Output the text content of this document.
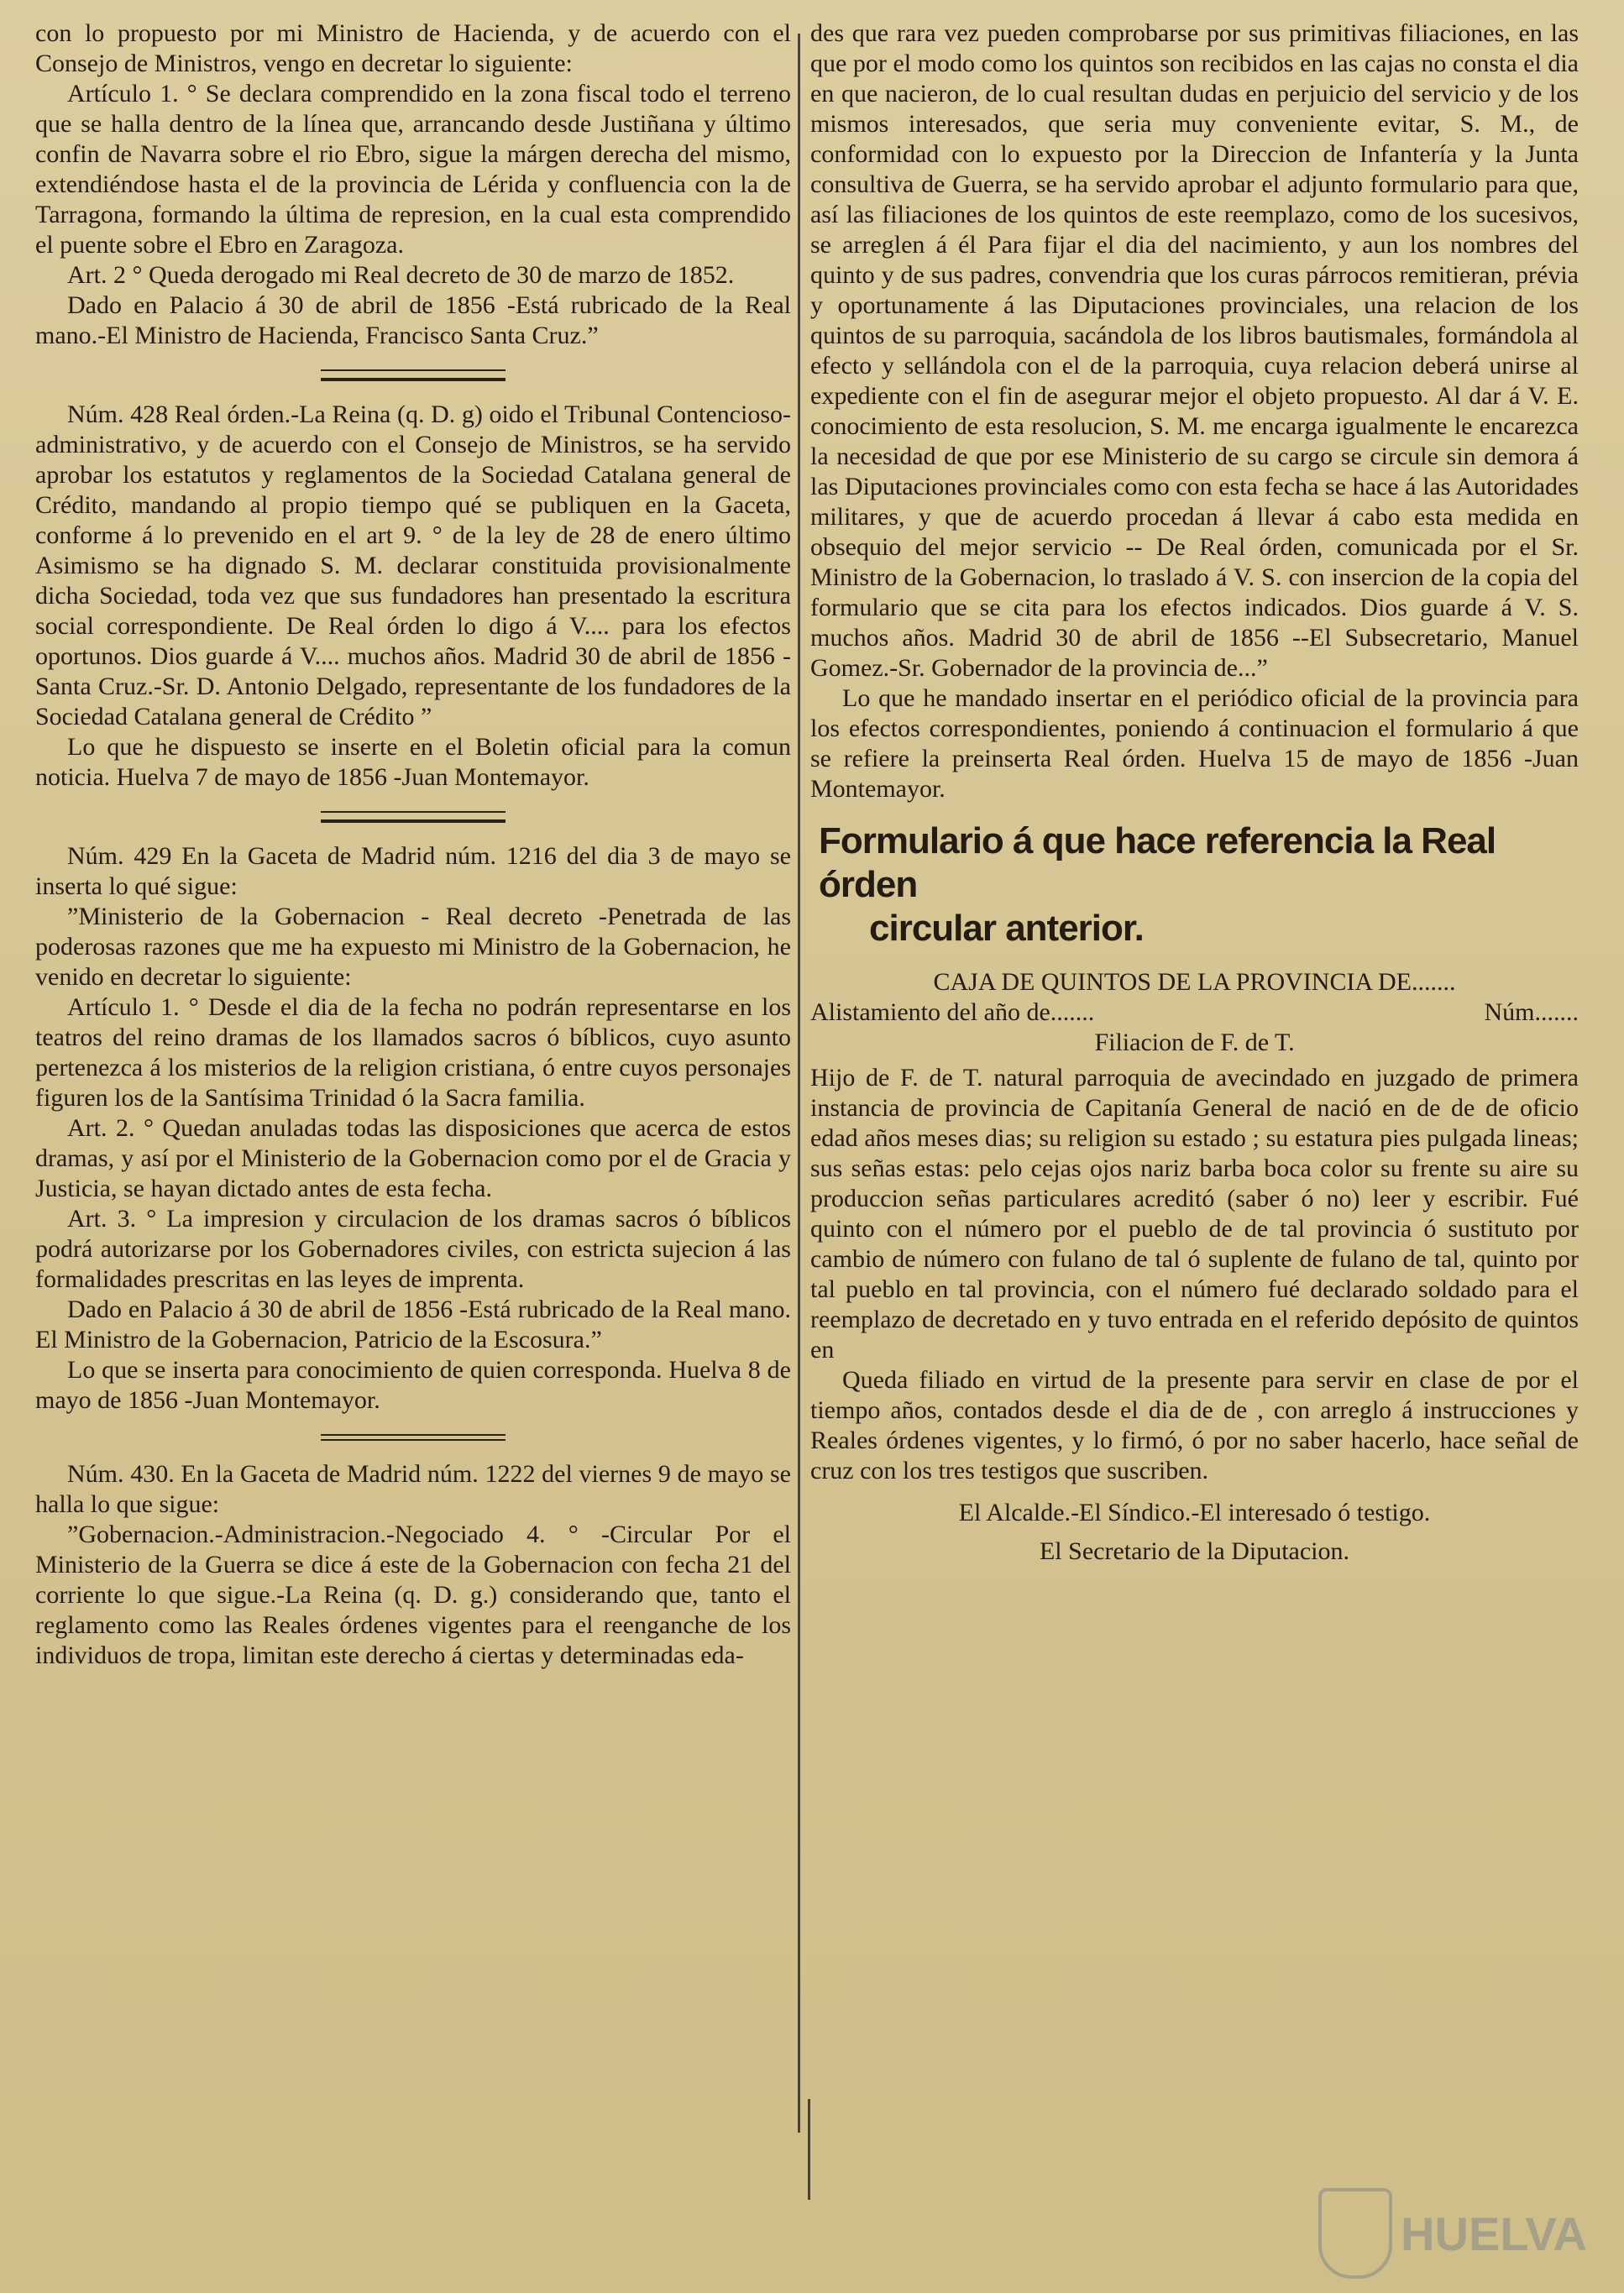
con lo propuesto por mi Ministro de Hacienda, y de acuerdo con el Consejo de Ministros, vengo en decretar lo siguiente:

Artículo 1. ° Se declara comprendido en la zona fiscal todo el terreno que se halla dentro de la línea que, arrancando desde Justiñana y último confin de Navarra sobre el rio Ebro, sigue la márgen derecha del mismo, extendiéndose hasta el de la provincia de Lérida y confluencia con la de Tarragona, formando la última de represion, en la cual esta comprendido el puente sobre el Ebro en Zaragoza.

Art. 2 ° Queda derogado mi Real decreto de 30 de marzo de 1852.

Dado en Palacio á 30 de abril de 1856 -Está rubricado de la Real mano.-El Ministro de Hacienda, Francisco Santa Cruz.”

Núm. 428 Real órden.-La Reina (q. D. g) oido el Tribunal Contencioso-administrativo, y de acuerdo con el Consejo de Ministros, se ha servido aprobar los estatutos y reglamentos de la Sociedad Catalana general de Crédito, mandando al propio tiempo qué se publiquen en la Gaceta, conforme á lo prevenido en el art 9. ° de la ley de 28 de enero último Asimismo se ha dignado S. M. declarar constituida provisionalmente dicha Sociedad, toda vez que sus fundadores han presentado la escritura social correspondiente. De Real órden lo digo á V.... para los efectos oportunos. Dios guarde á V.... muchos años. Madrid 30 de abril de 1856 -Santa Cruz.-Sr. D. Antonio Delgado, representante de los fundadores de la Sociedad Catalana general de Crédito ”

Lo que he dispuesto se inserte en el Boletin oficial para la comun noticia. Huelva 7 de mayo de 1856 -Juan Montemayor.

Núm. 429 En la Gaceta de Madrid núm. 1216 del dia 3 de mayo se inserta lo qué sigue:

”Ministerio de la Gobernacion - Real decreto -Penetrada de las poderosas razones que me ha expuesto mi Ministro de la Gobernacion, he venido en decretar lo siguiente:

Artículo 1. ° Desde el dia de la fecha no podrán representarse en los teatros del reino dramas de los llamados sacros ó bíblicos, cuyo asunto pertenezca á los misterios de la religion cristiana, ó entre cuyos personajes figuren los de la Santísima Trinidad ó la Sacra familia.

Art. 2. ° Quedan anuladas todas las disposiciones que acerca de estos dramas, y así por el Ministerio de la Gobernacion como por el de Gracia y Justicia, se hayan dictado antes de esta fecha.

Art. 3. ° La impresion y circulacion de los dramas sacros ó bíblicos podrá autorizarse por los Gobernadores civiles, con estricta sujecion á las formalidades prescritas en las leyes de imprenta.

Dado en Palacio á 30 de abril de 1856 -Está rubricado de la Real mano. El Ministro de la Gobernacion, Patricio de la Escosura.”

Lo que se inserta para conocimiento de quien corresponda. Huelva 8 de mayo de 1856 -Juan Montemayor.

Núm. 430. En la Gaceta de Madrid núm. 1222 del viernes 9 de mayo se halla lo que sigue:

”Gobernacion.-Administracion.-Negociado 4. ° -Circular Por el Ministerio de la Guerra se dice á este de la Gobernacion con fecha 21 del corriente lo que sigue.-La Reina (q. D. g.) considerando que, tanto el reglamento como las Reales órdenes vigentes para el reenganche de los individuos de tropa, limitan este derecho á ciertas y determinadas eda-

des que rara vez pueden comprobarse por sus primitivas filiaciones, en las que por el modo como los quintos son recibidos en las cajas no consta el dia en que nacieron, de lo cual resultan dudas en perjuicio del servicio y de los mismos interesados, que seria muy conveniente evitar, S. M., de conformidad con lo expuesto por la Direccion de Infantería y la Junta consultiva de Guerra, se ha servido aprobar el adjunto formulario para que, así las filiaciones de los quintos de este reemplazo, como de los sucesivos, se arreglen á él Para fijar el dia del nacimiento, y aun los nombres del quinto y de sus padres, convendria que los curas párrocos remitieran, prévia y oportunamente á las Diputaciones provinciales, una relacion de los quintos de su parroquia, sacándola de los libros bautismales, formándola al efecto y sellándola con el de la parroquia, cuya relacion deberá unirse al expediente con el fin de asegurar mejor el objeto propuesto. Al dar á V. E. conocimiento de esta resolucion, S. M. me encarga igualmente le encarezca la necesidad de que por ese Ministerio de su cargo se circule sin demora á las Diputaciones provinciales como con esta fecha se hace á las Autoridades militares, y que de acuerdo procedan á llevar á cabo esta medida en obsequio del mejor servicio -- De Real órden, comunicada por el Sr. Ministro de la Gobernacion, lo traslado á V. S. con insercion de la copia del formulario que se cita para los efectos indicados. Dios guarde á V. S. muchos años. Madrid 30 de abril de 1856 --El Subsecretario, Manuel Gomez.-Sr. Gobernador de la provincia de...”

Lo que he mandado insertar en el periódico oficial de la provincia para los efectos correspondientes, poniendo á continuacion el formulario á que se refiere la preinserta Real órden. Huelva 15 de mayo de 1856 -Juan Montemayor.

Formulario á que hace referencia la Real órden
circular anterior.

CAJA DE QUINTOS DE LA PROVINCIA DE.......

Alistamiento del año de.......	Núm.......

Filiacion de F. de T.

Hijo de F. de T. natural parroquia de avecindado en juzgado de primera instancia de provincia de Capitanía General de nació en de de de oficio edad años meses dias; su religion su estado ; su estatura pies pulgada lineas; sus señas estas: pelo cejas ojos nariz barba boca color su frente su aire su produccion señas particulares acreditó (saber ó no) leer y escribir. Fué quinto con el número por el pueblo de de tal provincia ó sustituto por cambio de número con fulano de tal ó suplente de fulano de tal, quinto por tal pueblo en tal provincia, con el número fué declarado soldado para el reemplazo de decretado en y tuvo entrada en el referido depósito de quintos en

Queda filiado en virtud de la presente para servir en clase de por el tiempo años, contados desde el dia de de , con arreglo á instrucciones y Reales órdenes vigentes, y lo firmó, ó por no saber hacerlo, hace señal de cruz con los tres testigos que suscriben.

El Alcalde.-El Síndico.-El interesado ó testigo.

El Secretario de la Diputacion.

HUELVA
